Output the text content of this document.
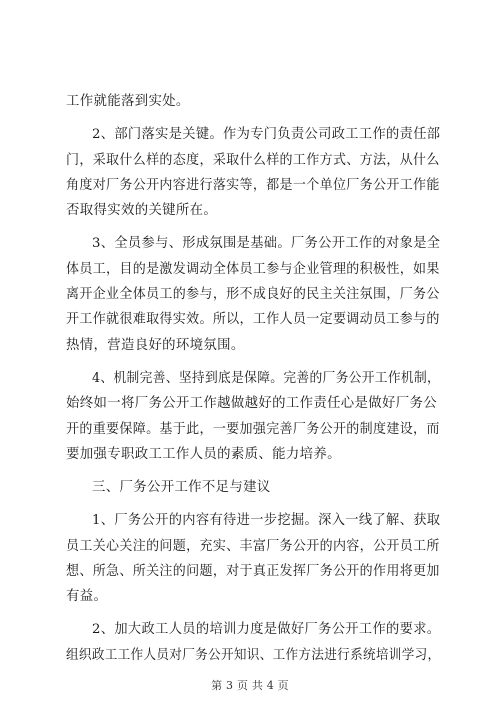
工作就能落到实处。
2、部门落实是关键。作为专门负责公司政工工作的责任部
门，采取什么样的态度，采取什么样的工作方式、方法，从什么
角度对厂务公开内容进行落实等，都是一个单位厂务公开工作能
否取得实效的关键所在。
3、全员参与、形成氛围是基础。厂务公开工作的对象是全
体员工，目的是激发调动全体员工参与企业管理的积极性，如果
离开企业全体员工的参与，形不成良好的民主关注氛围，厂务公
开工作就很难取得实效。所以，工作人员一定要调动员工参与的
热情，营造良好的环境氛围。
4、机制完善、坚持到底是保障。完善的厂务公开工作机制，
始终如一将厂务公开工作越做越好的工作责任心是做好厂务公
开的重要保障。基于此，一要加强完善厂务公开的制度建设，而
要加强专职政工工作人员的素质、能力培养。
三、厂务公开工作不足与建议
1、厂务公开的内容有待进一步挖掘。深入一线了解、获取
员工关心关注的问题，充实、丰富厂务公开的内容，公开员工所
想、所急、所关注的问题，对于真正发挥厂务公开的作用将更加
有益。
2、加大政工人员的培训力度是做好厂务公开工作的要求。
组织政工工作人员对厂务公开知识、工作方法进行系统培训学习，
第 3 页 共 4 页
